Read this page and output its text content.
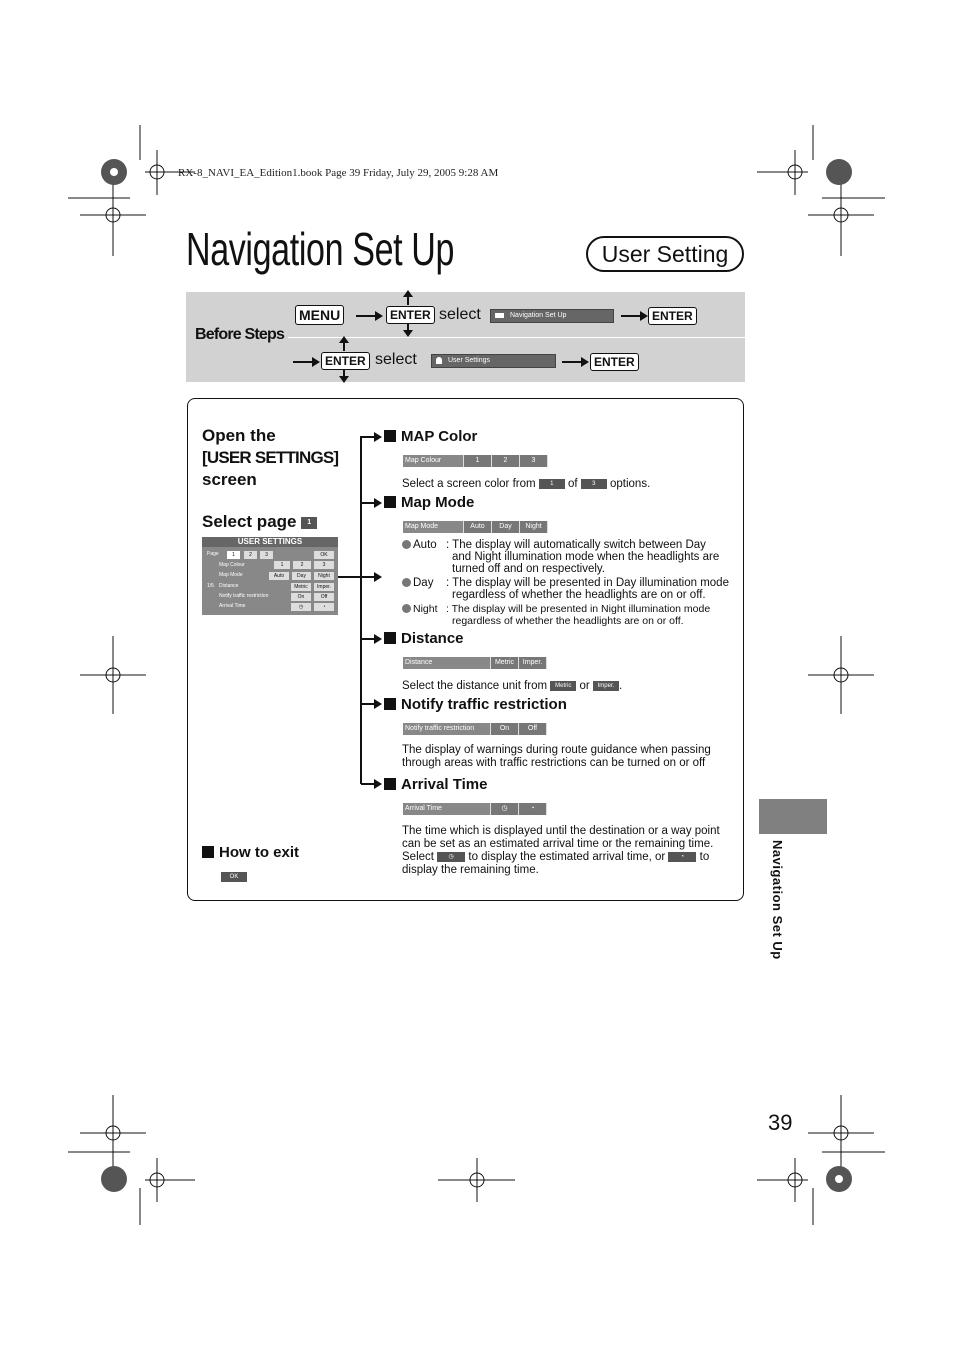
RX-8_NAVI_EA_Edition1.book Page 39 Friday, July 29, 2005 9:28 AM
Navigation Set Up	User Setting
Before Steps
MENU	ENTER select	Navigation Set Up	ENTER
ENTER select	User Settings	ENTER
Open the
[USER SETTINGS]
screen
Select page 1
USER SETTINGS
Page	1	2	3	OK
1/5
Map Colour	1	2	3
Map Mode	Auto	Day	Night
Distance	Metric	Imper.
Notify traffic restriction	On	Off
Arrival Time	◷	◔
MAP Color
Map Colour	1	2	3
Select a screen color from 1 of 3 options.
Map Mode
Map Mode	Auto	Day	Night
Auto : The display will automatically switch between Day
and Night illumination mode when the headlights are
turned off and on respectively.
Day : The display will be presented in Day illumination mode
regardless of whether the headlights are on or off.
Night : The display will be presented in Night illumination mode
regardless of whether the headlights are on or off.
Distance
Distance	Metric	Imper.
Select the distance unit from Metric or Imper. .
Notify traffic restriction
Notify traffic restriction	On	Off
The display of warnings during route guidance when passing
through areas with traffic restrictions can be turned on or off
Arrival Time
Arrival Time	◷	◔
The time which is displayed until the destination or a way point
can be set as an estimated arrival time or the remaining time.
Select ◷ to display the estimated arrival time, or	◔ to
display the remaining time.
How to exit
OK	Navigation Set Up
39
